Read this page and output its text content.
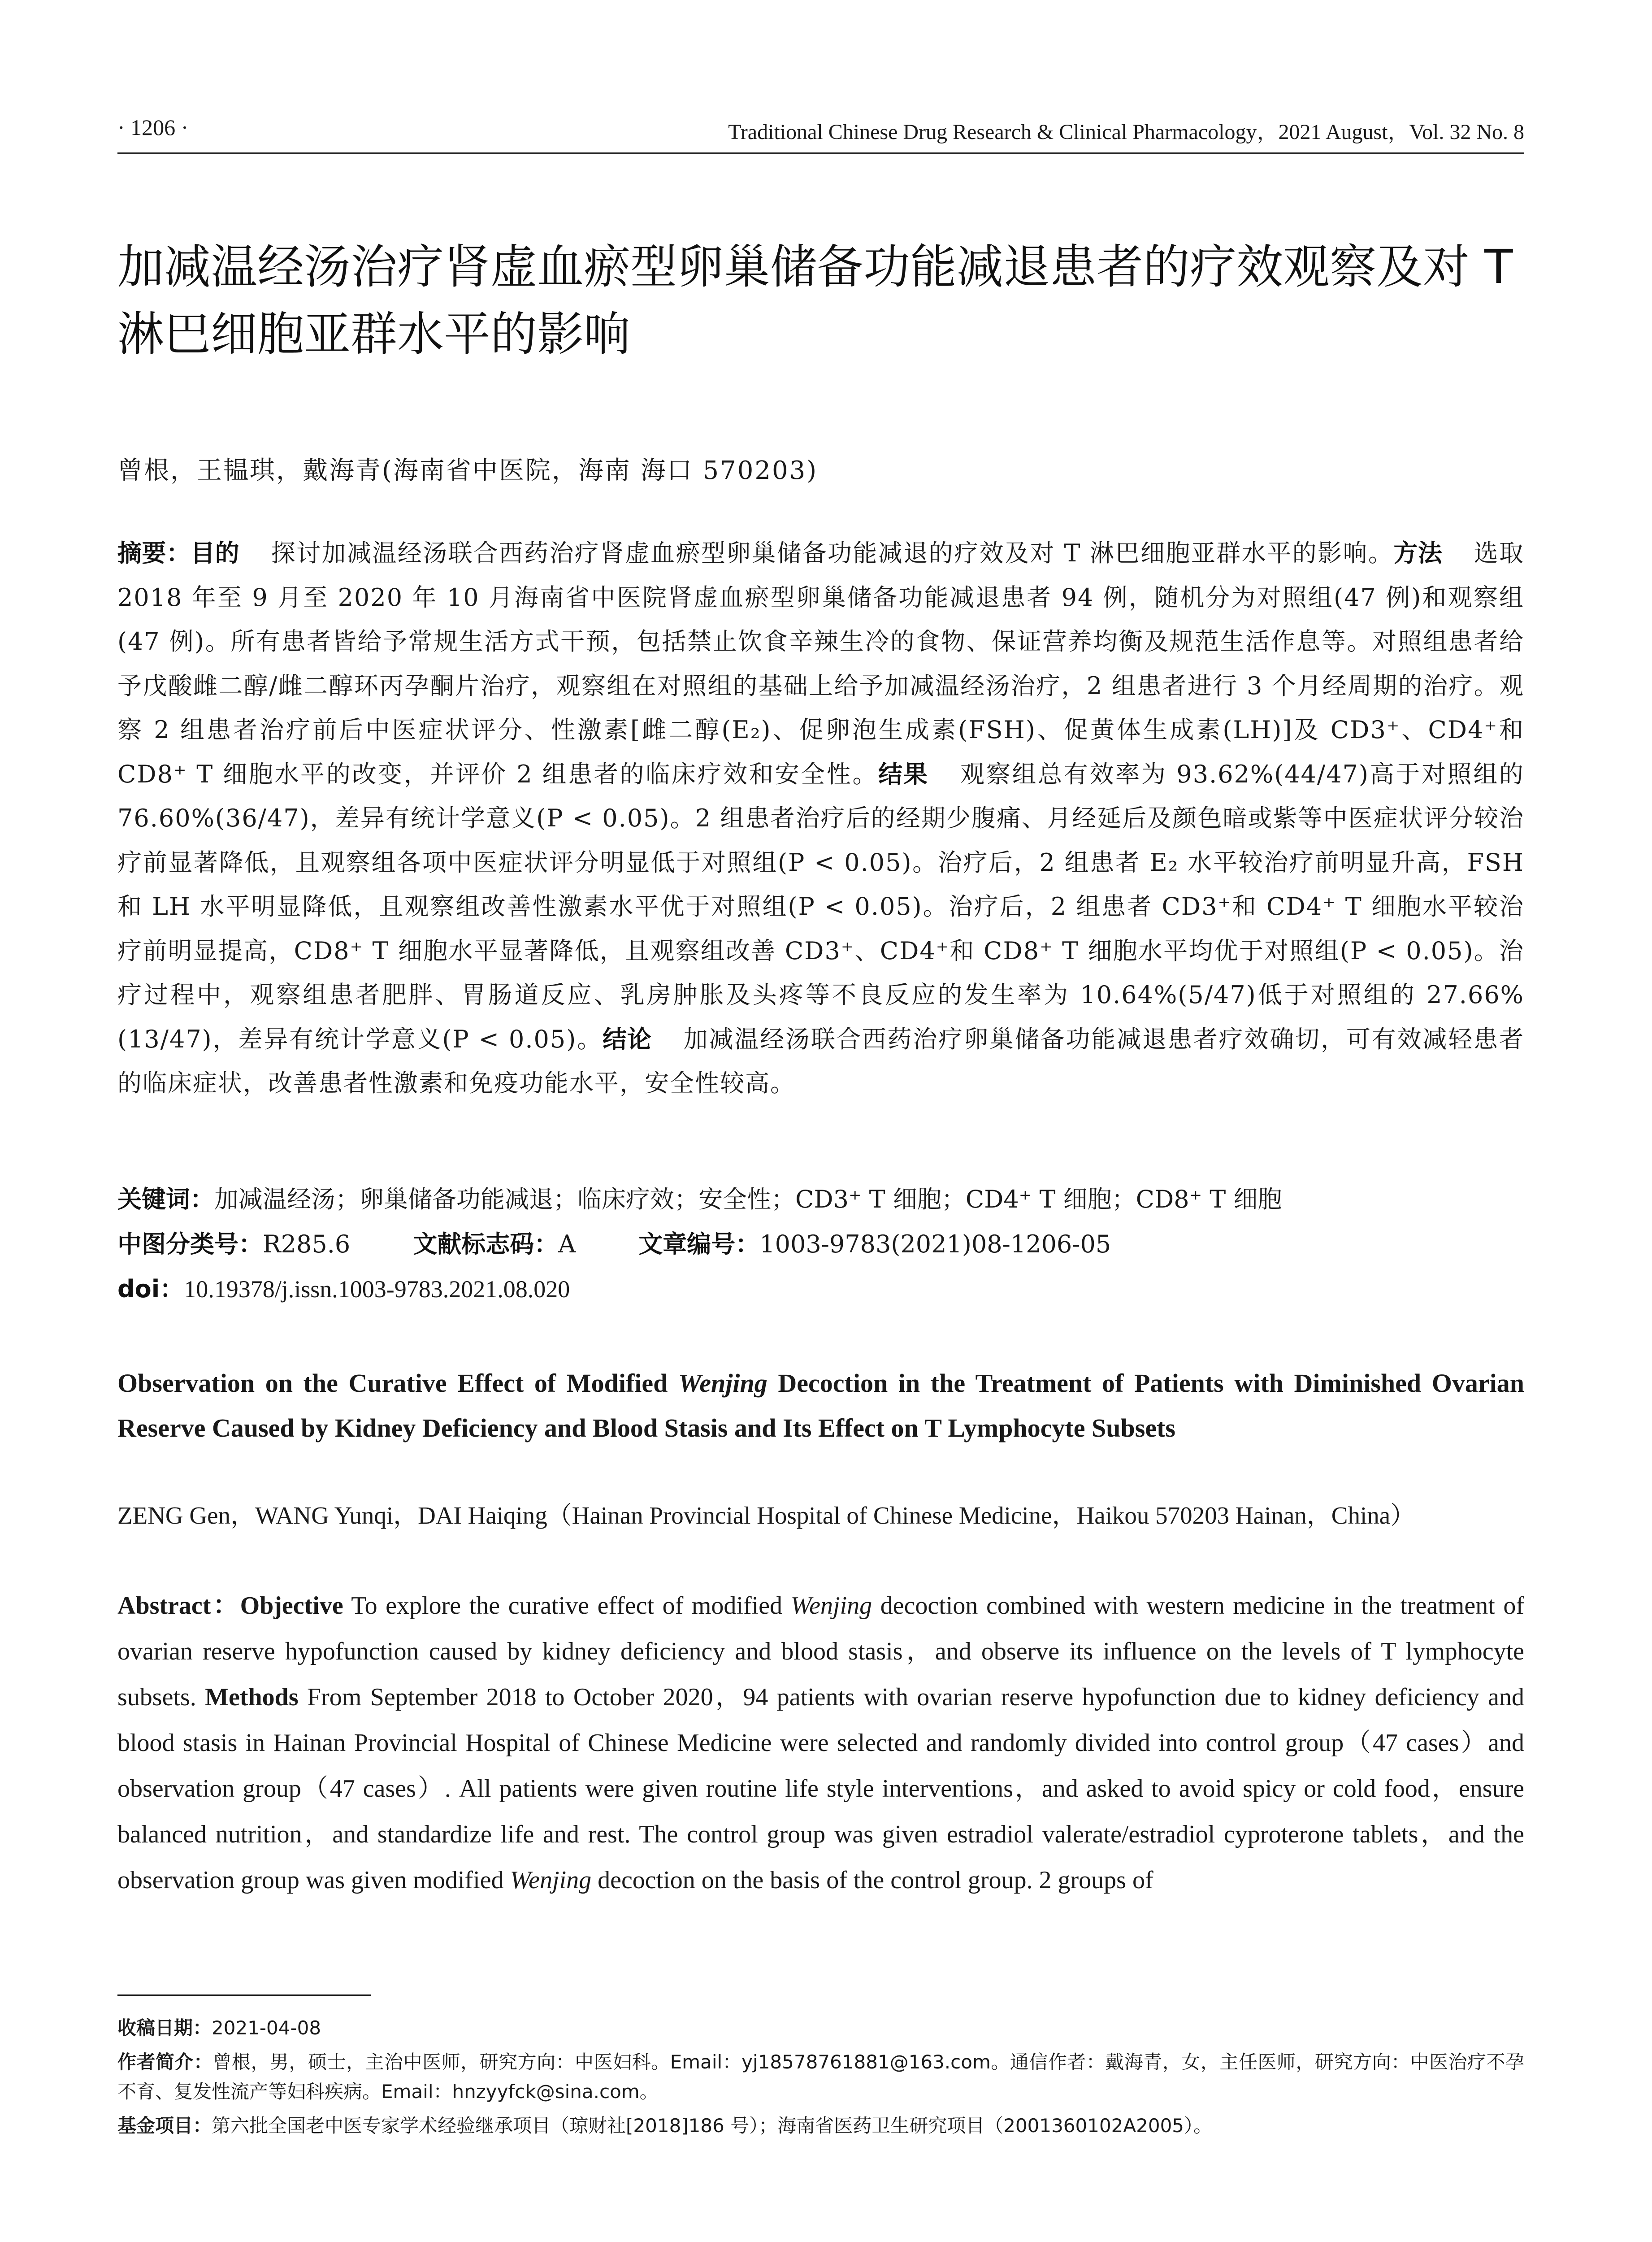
· 1206 ·	Traditional Chinese Drug Research & Clinical Pharmacology，2021 August，Vol. 32 No. 8
加减温经汤治疗肾虚血瘀型卵巢储备功能减退患者的疗效观察及对 T 淋巴细胞亚群水平的影响
曾根，王韫琪，戴海青(海南省中医院，海南 海口 570203)
摘要：目的 探讨加减温经汤联合西药治疗肾虚血瘀型卵巢储备功能减退的疗效及对 T 淋巴细胞亚群水平的影响。方法 选取 2018 年至 9 月至 2020 年 10 月海南省中医院肾虚血瘀型卵巢储备功能减退患者 94 例，随机分为对照组(47 例)和观察组(47 例)。所有患者皆给予常规生活方式干预，包括禁止饮食辛辣生冷的食物、保证营养均衡及规范生活作息等。对照组患者给予戊酸雌二醇/雌二醇环丙孕酮片治疗，观察组在对照组的基础上给予加减温经汤治疗，2 组患者进行 3 个月经周期的治疗。观察 2 组患者治疗前后中医症状评分、性激素[雌二醇(E₂)、促卵泡生成素(FSH)、促黄体生成素(LH)]及 CD3⁺、CD4⁺和 CD8⁺ T 细胞水平的改变，并评价 2 组患者的临床疗效和安全性。结果 观察组总有效率为 93.62%(44/47)高于对照组的 76.60%(36/47)，差异有统计学意义(P < 0.05)。2 组患者治疗后的经期少腹痛、月经延后及颜色暗或紫等中医症状评分较治疗前显著降低，且观察组各项中医症状评分明显低于对照组(P < 0.05)。治疗后，2 组患者 E₂ 水平较治疗前明显升高，FSH 和 LH 水平明显降低，且观察组改善性激素水平优于对照组(P < 0.05)。治疗后，2 组患者 CD3⁺和 CD4⁺ T 细胞水平较治疗前明显提高，CD8⁺ T 细胞水平显著降低，且观察组改善 CD3⁺、CD4⁺和 CD8⁺ T 细胞水平均优于对照组(P < 0.05)。治疗过程中，观察组患者肥胖、胃肠道反应、乳房肿胀及头疼等不良反应的发生率为 10.64%(5/47)低于对照组的 27.66%(13/47)，差异有统计学意义(P < 0.05)。结论 加减温经汤联合西药治疗卵巢储备功能减退患者疗效确切，可有效减轻患者的临床症状，改善患者性激素和免疫功能水平，安全性较高。
关键词：加减温经汤；卵巢储备功能减退；临床疗效；安全性；CD3⁺ T 细胞；CD4⁺ T 细胞；CD8⁺ T 细胞
中图分类号：R285.6	文献标志码：A	文章编号：1003-9783(2021)08-1206-05
doi：10.19378/j.issn.1003-9783.2021.08.020
Observation on the Curative Effect of Modified Wenjing Decoction in the Treatment of Patients with Diminished Ovarian Reserve Caused by Kidney Deficiency and Blood Stasis and Its Effect on T Lymphocyte Subsets
ZENG Gen，WANG Yunqi，DAI Haiqing（Hainan Provincial Hospital of Chinese Medicine，Haikou 570203 Hainan，China）
Abstract：Objective To explore the curative effect of modified Wenjing decoction combined with western medicine in the treatment of ovarian reserve hypofunction caused by kidney deficiency and blood stasis，and observe its influence on the levels of T lymphocyte subsets. Methods From September 2018 to October 2020，94 patients with ovarian reserve hypofunction due to kidney deficiency and blood stasis in Hainan Provincial Hospital of Chinese Medicine were selected and randomly divided into control group（47 cases）and observation group（47 cases）. All patients were given routine life style interventions，and asked to avoid spicy or cold food，ensure balanced nutrition，and standardize life and rest. The control group was given estradiol valerate/estradiol cyproterone tablets，and the observation group was given modified Wenjing decoction on the basis of the control group. 2 groups of
收稿日期：2021-04-08
作者简介：曾根，男，硕士，主治中医师，研究方向：中医妇科。Email：yj18578761881@163.com。通信作者：戴海青，女，主任医师，研究方向：中医治疗不孕不育、复发性流产等妇科疾病。Email：hnzyyfck@sina.com。
基金项目：第六批全国老中医专家学术经验继承项目（琼财社[2018]186 号）；海南省医药卫生研究项目（2001360102A2005）。
